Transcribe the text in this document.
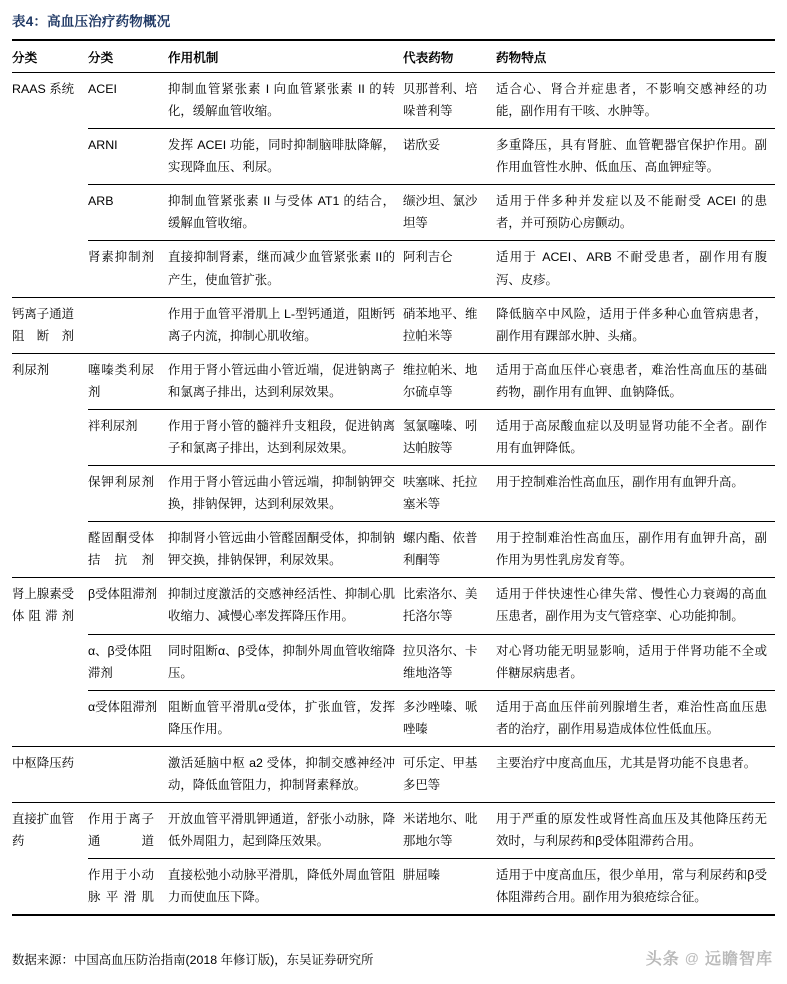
表4：高血压治疗药物概况
分类	分类	作用机制	代表药物	药物特点
RAAS 系统	ACEI	抑制血管紧张素 I 向血管紧张素 II 的转化，缓解血管收缩。	贝那普利、培哚普利等	适合心、肾合并症患者，不影响交感神经的功能，副作用有干咳、水肿等。
	ARNI	发挥 ACEI 功能，同时抑制脑啡肽降解，实现降血压、利尿。	诺欣妥	多重降压，具有肾脏、血管靶器官保护作用。副作用血管性水肿、低血压、高血钾症等。
	ARB	抑制血管紧张素 II 与受体 AT1 的结合，缓解血管收缩。	缬沙坦、氯沙坦等	适用于伴多种并发症以及不能耐受 ACEI 的患者，并可预防心房颤动。
	肾素抑制剂	直接抑制肾素，继而减少血管紧张素 II的产生，使血管扩张。	阿利吉仑	适用于 ACEI、ARB 不耐受患者，副作用有腹泻、皮疹。
钙离子通道阻断剂		作用于血管平滑肌上 L-型钙通道，阻断钙离子内流，抑制心肌收缩。	硝苯地平、维拉帕米等	降低脑卒中风险，适用于伴多种心血管病患者，副作用有踝部水肿、头痛。
利尿剂	噻嗪类利尿剂	作用于肾小管远曲小管近端，促进钠离子和氯离子排出，达到利尿效果。	维拉帕米、地尔硫卓等	适用于高血压伴心衰患者，难治性高血压的基础药物，副作用有血钾、血钠降低。
	袢利尿剂	作用于肾小管的髓袢升支粗段，促进钠离子和氯离子排出，达到利尿效果。	氢氯噻嗪、吲达帕胺等	适用于高尿酸血症以及明显肾功能不全者。副作用有血钾降低。
	保钾利尿剂	作用于肾小管远曲小管远端，抑制钠钾交换，排钠保钾，达到利尿效果。	呋塞咪、托拉塞米等	用于控制难治性高血压，副作用有血钾升高。
	醛固酮受体拮抗剂	抑制肾小管远曲小管醛固酮受体，抑制钠钾交换，排钠保钾，利尿效果。	螺内酯、依普利酮等	用于控制难治性高血压，副作用有血钾升高，副作用为男性乳房发育等。
肾上腺素受体阻滞剂	β受体阻滞剂	抑制过度激活的交感神经活性、抑制心肌收缩力、减慢心率发挥降压作用。	比索洛尔、美托洛尔等	适用于伴快速性心律失常、慢性心力衰竭的高血压患者，副作用为支气管痉挛、心功能抑制。
	α、β受体阻滞剂	同时阻断α、β受体，抑制外周血管收缩降压。	拉贝洛尔、卡维地洛等	对心肾功能无明显影响，适用于伴肾功能不全或伴糖尿病患者。
	α受体阻滞剂	阻断血管平滑肌α受体，扩张血管，发挥降压作用。	多沙唑嗪、哌唑嗪	适用于高血压伴前列腺增生者，难治性高血压患者的治疗，副作用易造成体位性低血压。
中枢降压药		激活延脑中枢 a2 受体，抑制交感神经冲动，降低血管阻力，抑制肾素释放。	可乐定、甲基多巴等	主要治疗中度高血压，尤其是肾功能不良患者。
直接扩血管药	作用于离子通道	开放血管平滑肌钾通道，舒张小动脉，降低外周阻力，起到降压效果。	米诺地尔、吡那地尔等	用于严重的原发性或肾性高血压及其他降压药无效时，与利尿药和β受体阻滞药合用。
	作用于小动脉平滑肌	直接松弛小动脉平滑肌，降低外周血管阻力而使血压下降。	肼屈嗪	适用于中度高血压，很少单用，常与利尿药和β受体阻滞药合用。副作用为狼疮综合征。
数据来源：中国高血压防治指南(2018 年修订版)，东吴证券研究所	头条 @ 远瞻智库
